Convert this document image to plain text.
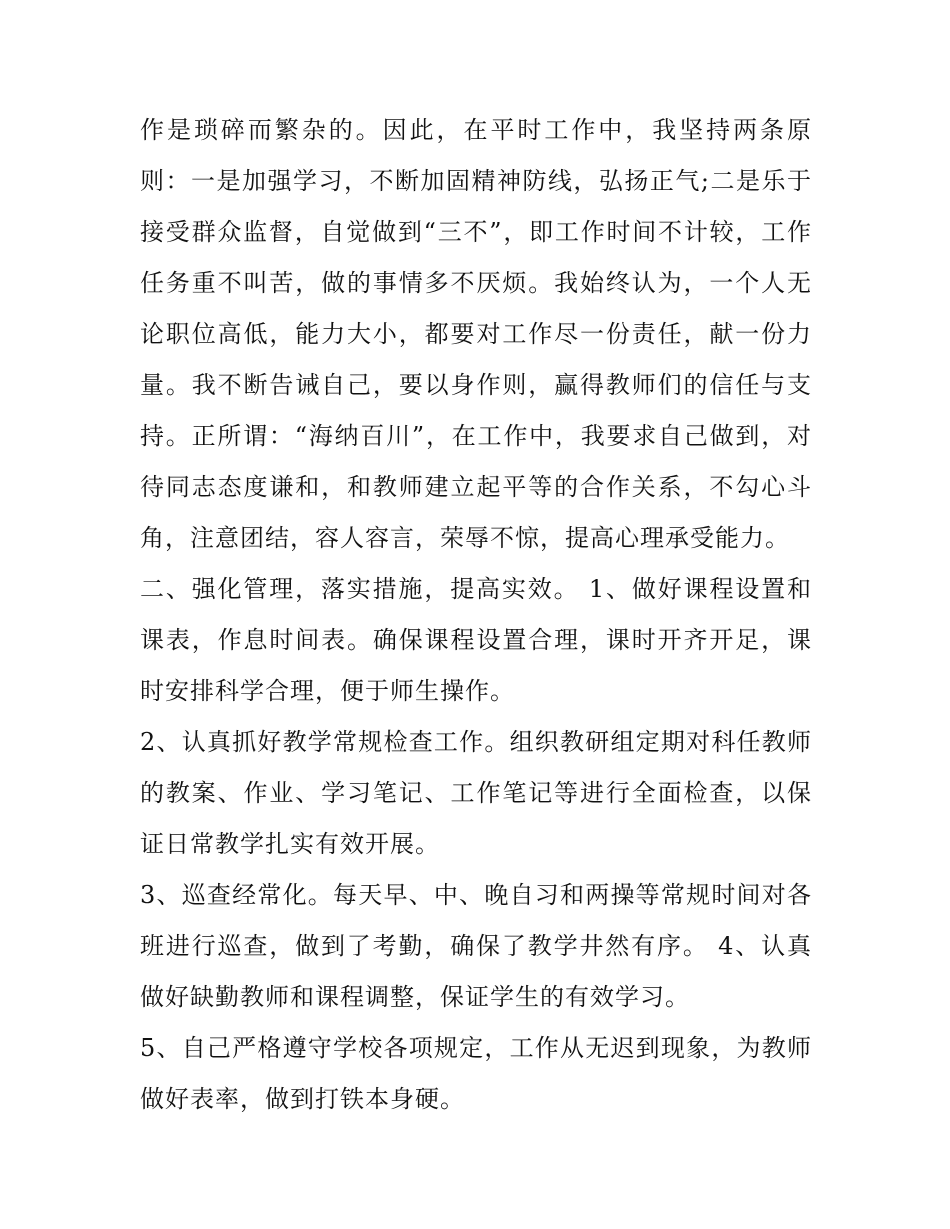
作是琐碎而繁杂的。因此，在平时工作中，我坚持两条原则：一是加强学习，不断加固精神防线，弘扬正气;二是乐于接受群众监督，自觉做到“三不”，即工作时间不计较，工作任务重不叫苦，做的事情多不厌烦。我始终认为，一个人无论职位高低，能力大小，都要对工作尽一份责任，献一份力量。我不断告诫自己，要以身作则，赢得教师们的信任与支持。正所谓：“海纳百川”，在工作中，我要求自己做到，对待同志态度谦和，和教师建立起平等的合作关系，不勾心斗角，注意团结，容人容言，荣辱不惊，提高心理承受能力。

二、强化管理，落实措施，提高实效。 1、做好课程设置和课表，作息时间表。确保课程设置合理，课时开齐开足，课时安排科学合理，便于师生操作。

2、认真抓好教学常规检查工作。组织教研组定期对科任教师的教案、作业、学习笔记、工作笔记等进行全面检查，以保证日常教学扎实有效开展。

3、巡查经常化。每天早、中、晚自习和两操等常规时间对各班进行巡查，做到了考勤，确保了教学井然有序。 4、认真做好缺勤教师和课程调整，保证学生的有效学习。

5、自己严格遵守学校各项规定，工作从无迟到现象，为教师做好表率，做到打铁本身硬。
